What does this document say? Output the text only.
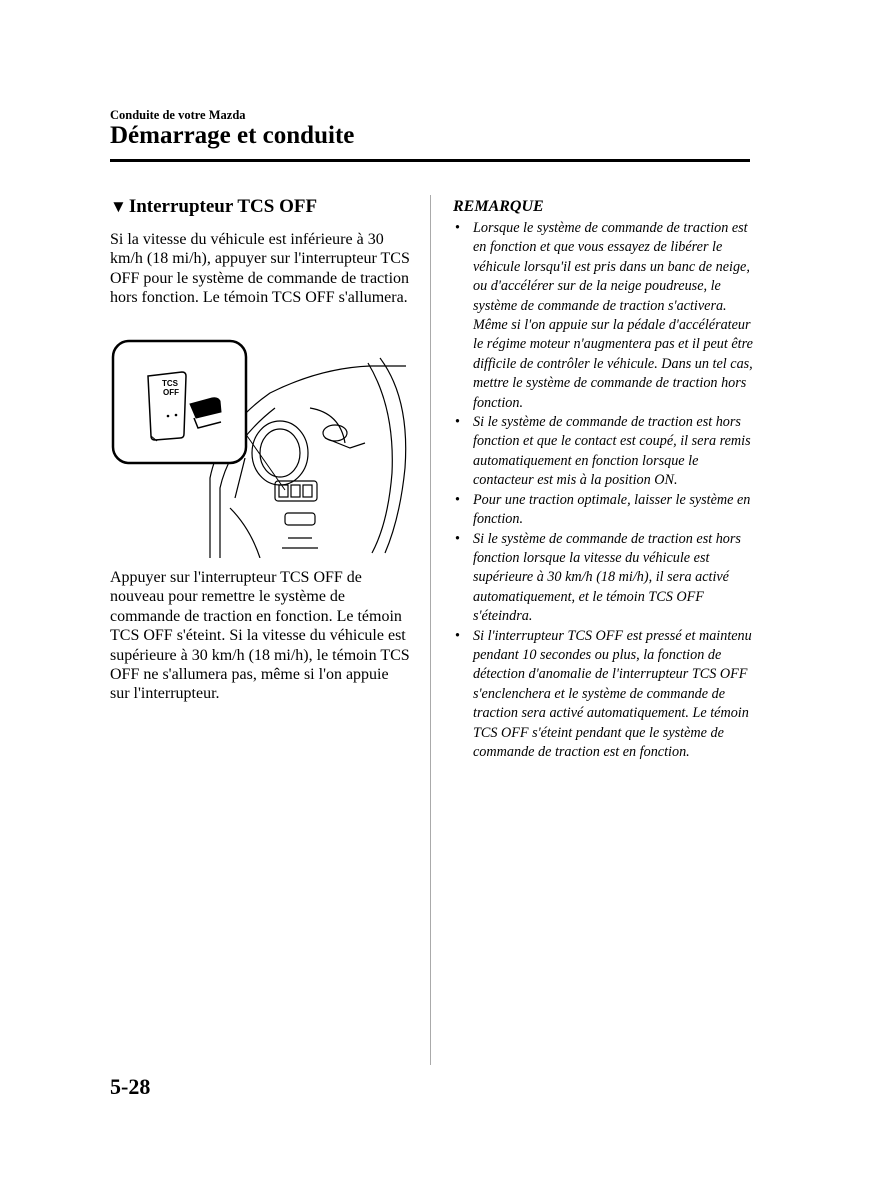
Conduite de votre Mazda
Démarrage et conduite
▼ Interrupteur TCS OFF

Si la vitesse du véhicule est inférieure à 30 km/h (18 mi/h), appuyer sur l'interrupteur TCS OFF pour le système de commande de traction hors fonction. Le témoin TCS OFF s'allumera.

TCS
OFF

Appuyer sur l'interrupteur TCS OFF de nouveau pour remettre le système de commande de traction en fonction. Le témoin TCS OFF s'éteint. Si la vitesse du véhicule est supérieure à 30 km/h (18 mi/h), le témoin TCS OFF ne s'allumera pas, même si l'on appuie sur l'interrupteur.

REMARQUE
• Lorsque le système de commande de traction est en fonction et que vous essayez de libérer le véhicule lorsqu'il est pris dans un banc de neige, ou d'accélérer sur de la neige poudreuse, le système de commande de traction s'activera. Même si l'on appuie sur la pédale d'accélérateur le régime moteur n'augmentera pas et il peut être difficile de contrôler le véhicule. Dans un tel cas, mettre le système de commande de traction hors fonction.
• Si le système de commande de traction est hors fonction et que le contact est coupé, il sera remis automatiquement en fonction lorsque le contacteur est mis à la position ON.
• Pour une traction optimale, laisser le système en fonction.
• Si le système de commande de traction est hors fonction lorsque la vitesse du véhicule est supérieure à 30 km/h (18 mi/h), il sera activé automatiquement, et le témoin TCS OFF s'éteindra.
• Si l'interrupteur TCS OFF est pressé et maintenu pendant 10 secondes ou plus, la fonction de détection d'anomalie de l'interrupteur TCS OFF s'enclenchera et le système de commande de traction sera activé automatiquement. Le témoin TCS OFF s'éteint pendant que le système de commande de traction est en fonction.
5-28
